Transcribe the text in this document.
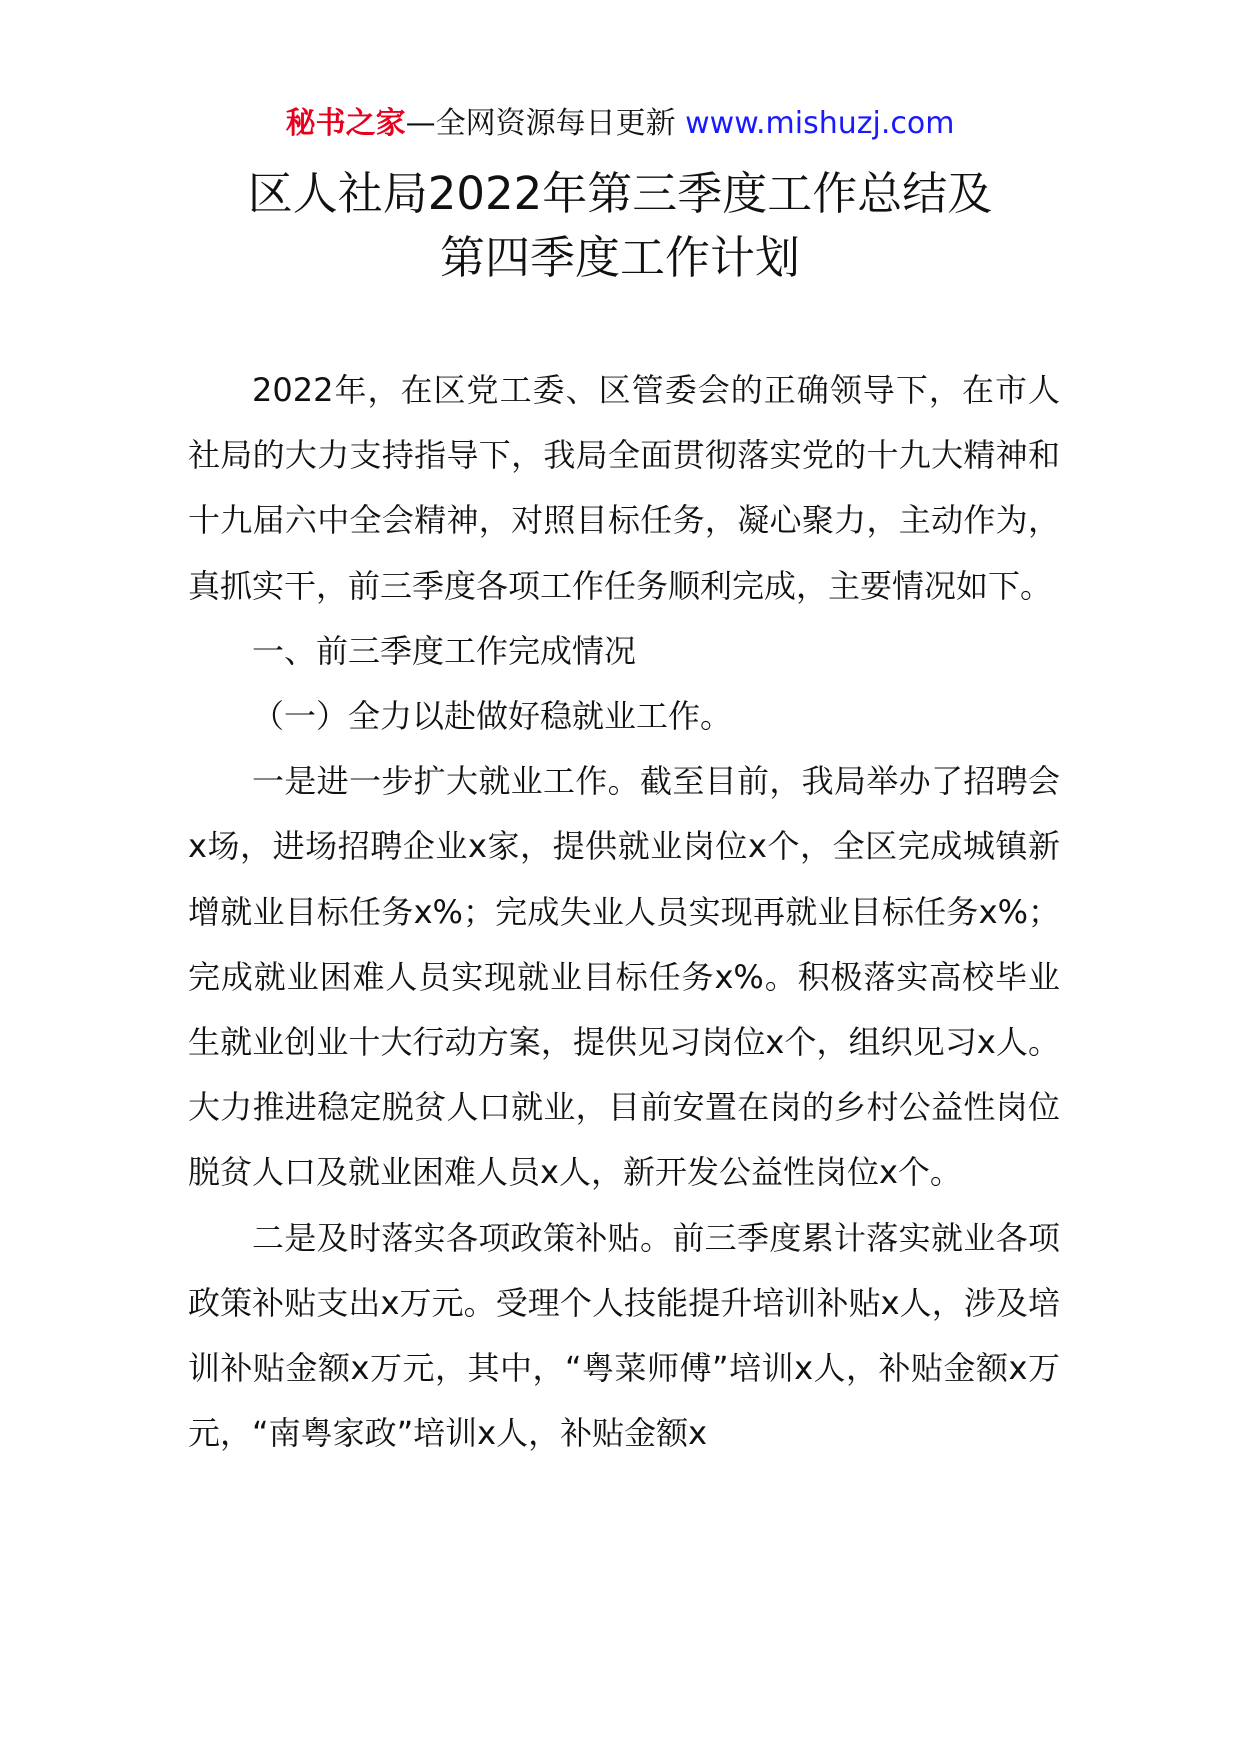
秘书之家—全网资源每日更新 www.mishuzj.com
区人社局2022年第三季度工作总结及
第四季度工作计划

2022年，在区党工委、区管委会的正确领导下，在市人社局的大力支持指导下，我局全面贯彻落实党的十九大精神和十九届六中全会精神，对照目标任务，凝心聚力，主动作为，真抓实干，前三季度各项工作任务顺利完成，主要情况如下。

一、前三季度工作完成情况

（一）全力以赴做好稳就业工作。

一是进一步扩大就业工作。截至目前，我局举办了招聘会x场，进场招聘企业x家，提供就业岗位x个，全区完成城镇新增就业目标任务x%；完成失业人员实现再就业目标任务x%；完成就业困难人员实现就业目标任务x%。积极落实高校毕业生就业创业十大行动方案，提供见习岗位x个，组织见习x人。大力推进稳定脱贫人口就业，目前安置在岗的乡村公益性岗位脱贫人口及就业困难人员x人，新开发公益性岗位x个。

二是及时落实各项政策补贴。前三季度累计落实就业各项政策补贴支出x万元。受理个人技能提升培训补贴x人，涉及培训补贴金额x万元，其中，“粤菜师傅”培训x人，补贴金额x万元，“南粤家政”培训x人，补贴金额x
